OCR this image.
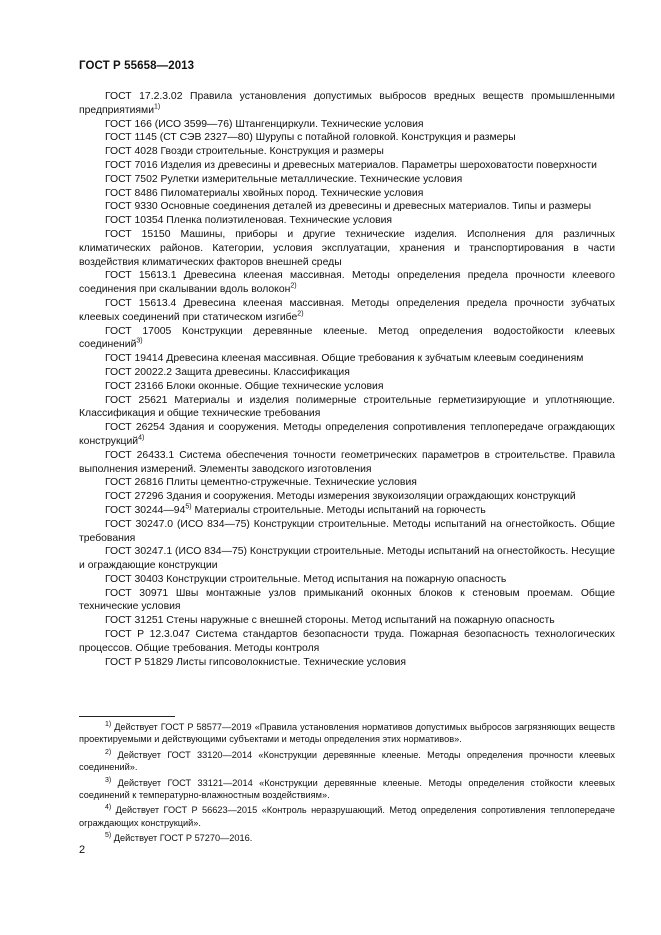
ГОСТ Р 55658—2013

ГОСТ 17.2.3.02 Правила установления допустимых выбросов вредных веществ промышленными предприятиями$^{1)}$

ГОСТ 166 (ИСО 3599—76) Штангенциркули. Технические условия

ГОСТ 1145 (СТ СЭВ 2327—80) Шурупы с потайной головкой. Конструкция и размеры

ГОСТ 4028 Гвозди строительные. Конструкция и размеры

ГОСТ 7016 Изделия из древесины и древесных материалов. Параметры шероховатости поверхности

ГОСТ 7502 Рулетки измерительные металлические. Технические условия

ГОСТ 8486 Пиломатериалы хвойных пород. Технические условия

ГОСТ 9330 Основные соединения деталей из древесины и древесных материалов. Типы и размеры

ГОСТ 10354 Пленка полиэтиленовая. Технические условия

ГОСТ 15150 Машины, приборы и другие технические изделия. Исполнения для различных климатических районов. Категории, условия эксплуатации, хранения и транспортирования в части воздействия климатических факторов внешней среды

ГОСТ 15613.1 Древесина клееная массивная. Методы определения предела прочности клеевого соединения при скалывании вдоль волокон$^{2)}$

ГОСТ 15613.4 Древесина клееная массивная. Методы определения предела прочности зубчатых клеевых соединений при статическом изгибе$^{2)}$

ГОСТ 17005 Конструкции деревянные клееные. Метод определения водостойкости клеевых соединений$^{3)}$

ГОСТ 19414 Древесина клееная массивная. Общие требования к зубчатым клеевым соединениям

ГОСТ 20022.2 Защита древесины. Классификация

ГОСТ 23166 Блоки оконные. Общие технические условия

ГОСТ 25621 Материалы и изделия полимерные строительные герметизирующие и уплотняющие. Классификация и общие технические требования

ГОСТ 26254 Здания и сооружения. Методы определения сопротивления теплопередаче ограждающих конструкций$^{4)}$

ГОСТ 26433.1 Система обеспечения точности геометрических параметров в строительстве. Правила выполнения измерений. Элементы заводского изготовления

ГОСТ 26816 Плиты цементно-стружечные. Технические условия

ГОСТ 27296 Здания и сооружения. Методы измерения звукоизоляции ограждающих конструкций

ГОСТ 30244—94$^{5)}$ Материалы строительные. Методы испытаний на горючесть

ГОСТ 30247.0 (ИСО 834—75) Конструкции строительные. Методы испытаний на огнестойкость. Общие требования

ГОСТ 30247.1 (ИСО 834—75) Конструкции строительные. Методы испытаний на огнестойкость. Несущие и ограждающие конструкции

ГОСТ 30403 Конструкции строительные. Метод испытания на пожарную опасность

ГОСТ 30971 Швы монтажные узлов примыканий оконных блоков к стеновым проемам. Общие технические условия

ГОСТ 31251 Стены наружные с внешней стороны. Метод испытаний на пожарную опасность

ГОСТ Р 12.3.047 Система стандартов безопасности труда. Пожарная безопасность технологических процессов. Общие требования. Методы контроля

ГОСТ Р 51829 Листы гипсоволокнистые. Технические условия

$^{1)}$ Действует ГОСТ Р 58577—2019 «Правила установления нормативов допустимых выбросов загрязняющих веществ проектируемыми и действующими субъектами и методы определения этих нормативов».

$^{2)}$ Действует ГОСТ 33120—2014 «Конструкции деревянные клееные. Методы определения прочности клеевых соединений».

$^{3)}$ Действует ГОСТ 33121—2014 «Конструкции деревянные клееные. Методы определения стойкости клеевых соединений к температурно-влажностным воздействиям».

$^{4)}$ Действует ГОСТ Р 56623—2015 «Контроль неразрушающий. Метод определения сопротивления теплопередаче ограждающих конструкций».

$^{5)}$ Действует ГОСТ Р 57270—2016.

2
